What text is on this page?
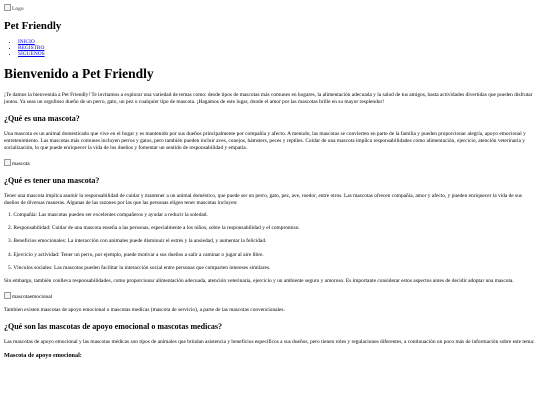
Logo
Pet Friendly
• INICIO
• REGISTRO
• SÍGUENOS
Bienvenido a Pet Friendly

¡Te damos la bienvenida a Pet Friendly! Te invitamos a explorar una variedad de temas como: desde tipos de mascotas más comunes en hogares, la alimentación adecuada y la salud de tus amigos, hasta actividades divertidas que pueden disfrutar juntos. Ya seas un orgulloso dueño de un perro, gato, un pez o cualquier tipo de mascota. ¡Hagamos de este lugar, donde el amor por las mascotas brille en su mayor resplendor!

¿Qué es una mascota?

Una mascota es un animal domesticado que vive en el hogar y es mantenido por sus dueños principalmente por compañía y afecto. A menudo, las mascotas se convierten en parte de la familia y pueden proporcionar alegría, apoyo emocional y entretenimiento. Las mascotas más comunes incluyen perros y gatos, pero también pueden incluir aves, conejos, hámsters, peces y reptiles. Cuidar de una mascota implica responsabilidades como alimentación, ejercicio, atención veterinaria y socialización, lo que puede enriquecer la vida de los dueños y fomentar un sentido de responsabilidad y empatía.

mascota
¿Qué es tener una mascota?

Tener una mascota implica asumir la responsabilidad de cuidar y mantener a un animal doméstico, que puede ser un perro, gato, pez, ave, roedor, entre otros. Las mascotas ofrecen compañía, amor y afecto, y pueden enriquecer la vida de sus dueños de diversas maneras. Algunas de las razones por las que las personas eligen tener mascotas incluyen:

1. Compañía: Las mascotas pueden ser excelentes compañeros y ayudar a reducir la soledad.
2. Responsabilidad: Cuidar de una mascota enseña a las personas, especialmente a los niños, sobre la responsabilidad y el compromiso.
3. Beneficios emocionales: La interacción con animales puede disminuir el estrés y la ansiedad, y aumentar la felicidad.
4. Ejercicio y actividad: Tener un perro, por ejemplo, puede motivar a sus dueños a salir a caminar o jugar al aire libre.
5. Vínculos sociales: Las mascotas pueden facilitar la interacción social entre personas que comparten intereses similares.

Sin embargo, también conlleva responsabilidades, como proporcionar alimentación adecuada, atención veterinaria, ejercicio y un ambiente seguro y amoroso. Es importante considerar estos aspectos antes de decidir adoptar una mascota.

mascotaemocional

Tambien existen mascotas de apoyo emocional o mascotas medicas (mascota de servicio), a parte de las mascotas convencionales.

¿Qué son las mascotas de apoyo emocional o mascotas medicas?

Las mascotas de apoyo emocional y las mascotas médicas son tipos de animales que brindan asistencia y beneficios específicos a sus dueños, pero tienen roles y regulaciones diferentes, a continuación un poco más de información sobre este tema:

Mascota de apoyo emocional:
